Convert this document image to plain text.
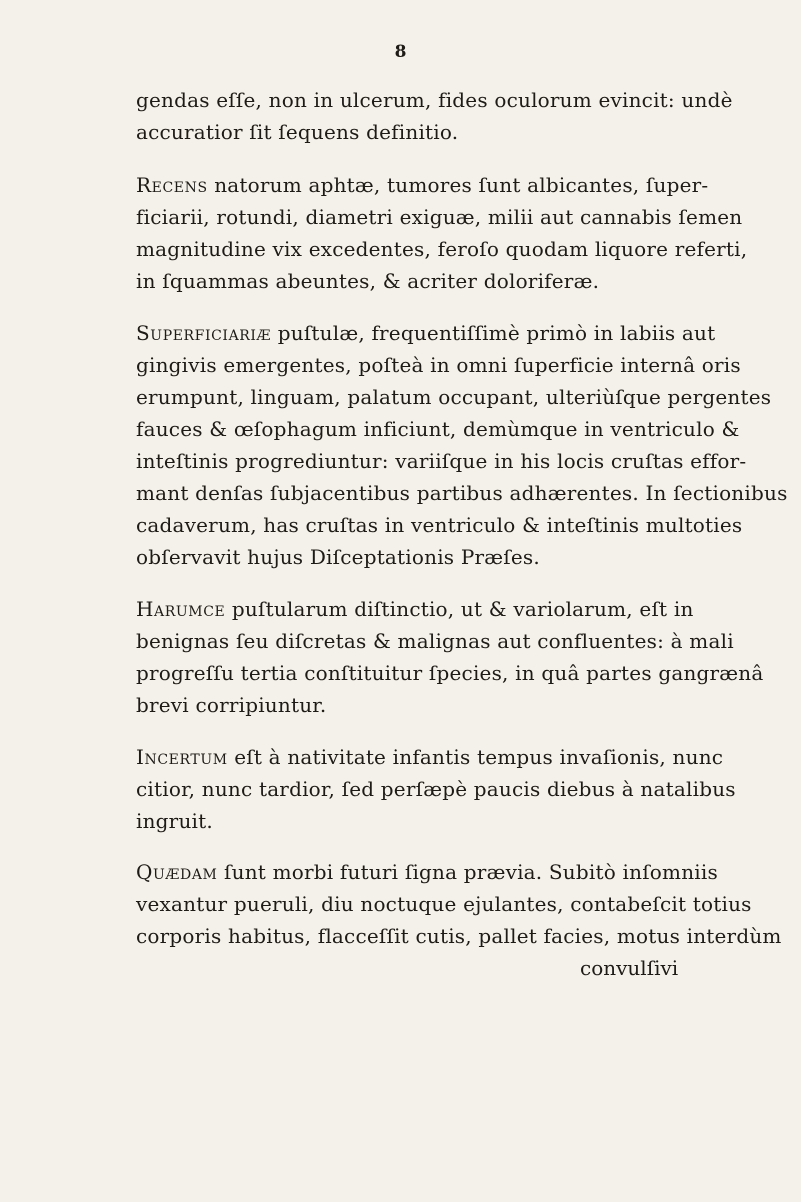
8
gendas eſſe, non in ulcerum, fides oculorum evincit: undè
accuratior ſit ſequens definitio.
Recens natorum aphtæ, tumores ſunt albicantes, ſuper-
ficiarii, rotundi, diametri exiguæ, milii aut cannabis ſemen
magnitudine vix excedentes, feroſo quodam liquore referti,
in ſquammas abeuntes, & acriter doloriferæ.
Superficiariæ puſtulæ, frequentiſſimè primò in labiis aut
gingivis emergentes, poſteà in omni ſuperficie internâ oris
erumpunt, linguam, palatum occupant, ulteriùſque pergentes
fauces & œſophagum inficiunt, demùmque in ventriculo &
inteſtinis progrediuntur: variiſque in his locis cruſtas effor-
mant denſas ſubjacentibus partibus adhærentes. In ſectionibus
cadaverum, has cruſtas in ventriculo & inteſtinis multoties
obſervavit hujus Diſceptationis Præſes.
Harumce puſtularum diſtinctio, ut & variolarum, eſt in
benignas ſeu diſcretas & malignas aut confluentes: à mali
progreſſu tertia conſtituitur ſpecies, in quâ partes gangrænâ
brevi corripiuntur.
Incertum eſt à nativitate infantis tempus invaſionis, nunc
citior, nunc tardior, ſed perſæpè paucis diebus à natalibus
ingruit.
Quædam ſunt morbi futuri ſigna prævia. Subitò inſomniis
vexantur pueruli, diu noctuque ejulantes, contabeſcit totius
corporis habitus, flacceſſit cutis, pallet facies, motus interdùm
convulſivi
